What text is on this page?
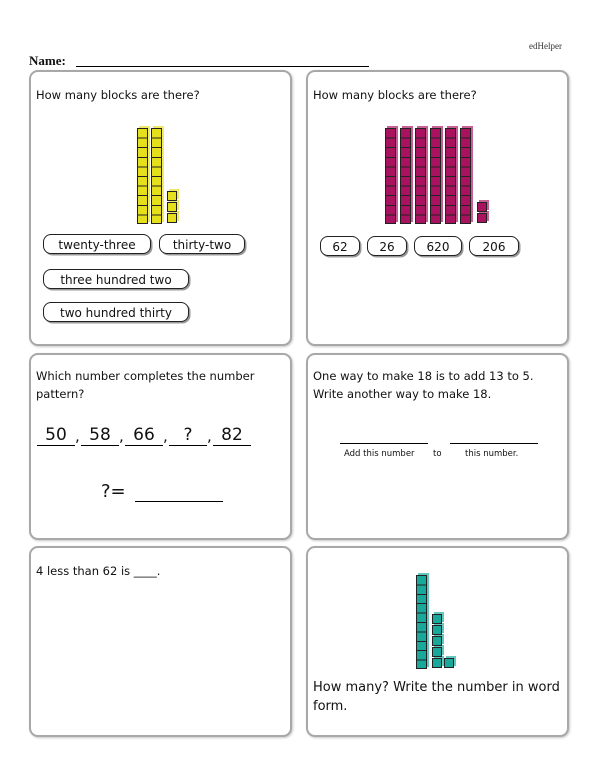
edHelper
Name:
How many blocks are there?
twenty-three	thirty-two
three hundred two
two hundred thirty
How many blocks are there?
62	26	620	206
Which number completes the number pattern?
50 , 58 , 66 , ? , 82
?=
One way to make 18 is to add 13 to 5.
Write another way to make 18.
Add this number to	this number.
4 less than 62 is ____.
How many? Write the number in word form.
